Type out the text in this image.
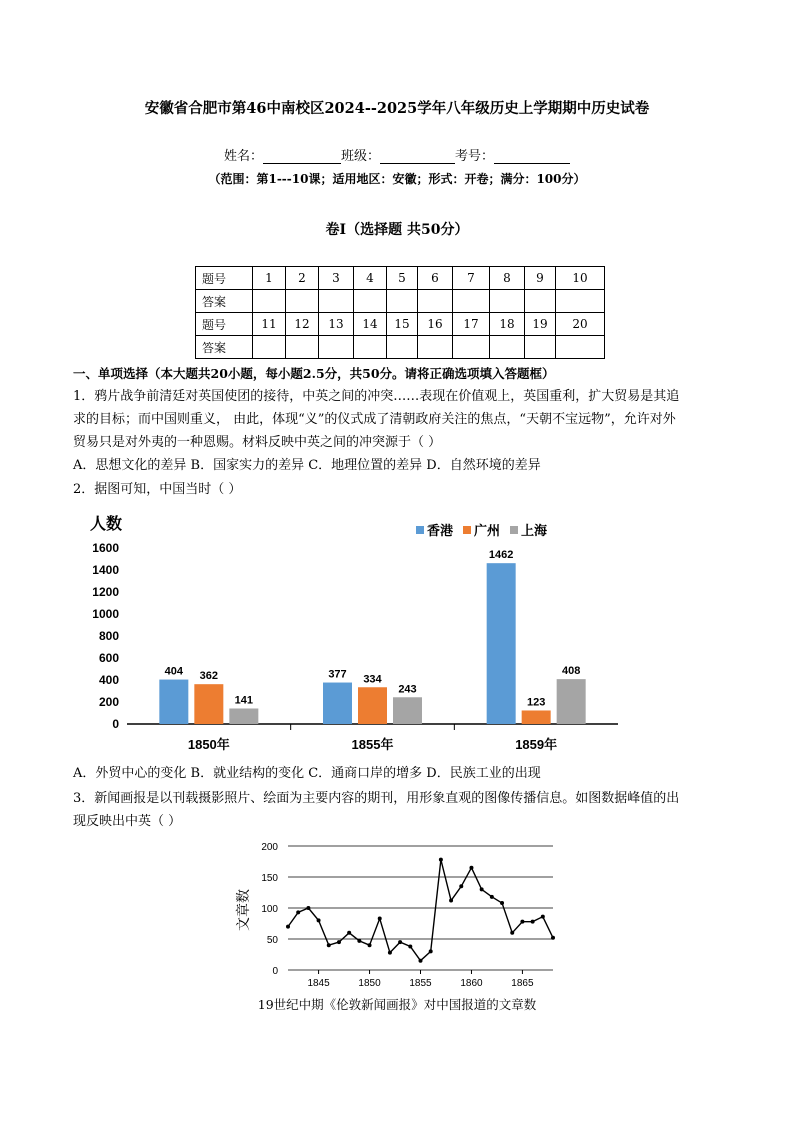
安徽省合肥市第46中南校区2024--2025学年八年级历史上学期期中历史试卷
姓名：	班级：	考号：
（范围：第1---10课；适用地区：安徽；形式：开卷；满分：100分）
卷Ⅰ（选择题 共50分）
题号	1	2	3	4	5	6	7	8	9	10
答案										
题号	11	12	13	14	15	16	17	18	19	20
答案										
一、单项选择（本大题共20小题，每小题2.5分，共50分。请将正确选项填入答题框）
1．鸦片战争前清廷对英国使团的接待，中英之间的冲突……表现在价值观上，英国重利，扩大贸易是其追
求的目标；而中国则重义， 由此，体现“义”的仪式成了清朝政府关注的焦点，“天朝不宝远物”，允许对外
贸易只是对外夷的一种恩赐。材料反映中英之间的冲突源于（ ）
A．思想文化的差异 B．国家实力的差异 C．地理位置的差异 D．自然环境的差异
2．据图可知，中国当时（ ）
人数
0
200
400
600
800
1000
1200
1400
1600
404 362
141
1850年
377 334
243
1855年
1462
123
408
1859年
香港 广州 上海
A．外贸中心的变化 B．就业结构的变化 C．通商口岸的增多 D．民族工业的出现
3．新闻画报是以刊载摄影照片、绘面为主要内容的期刊，用形象直观的图像传播信息。如图数据峰值的出
现反映出中英（ ）
0
50
100
150
200
1845	1850	1855	1860	1865
文章数
19世纪中期《伦敦新闻画报》对中国报道的文章数
